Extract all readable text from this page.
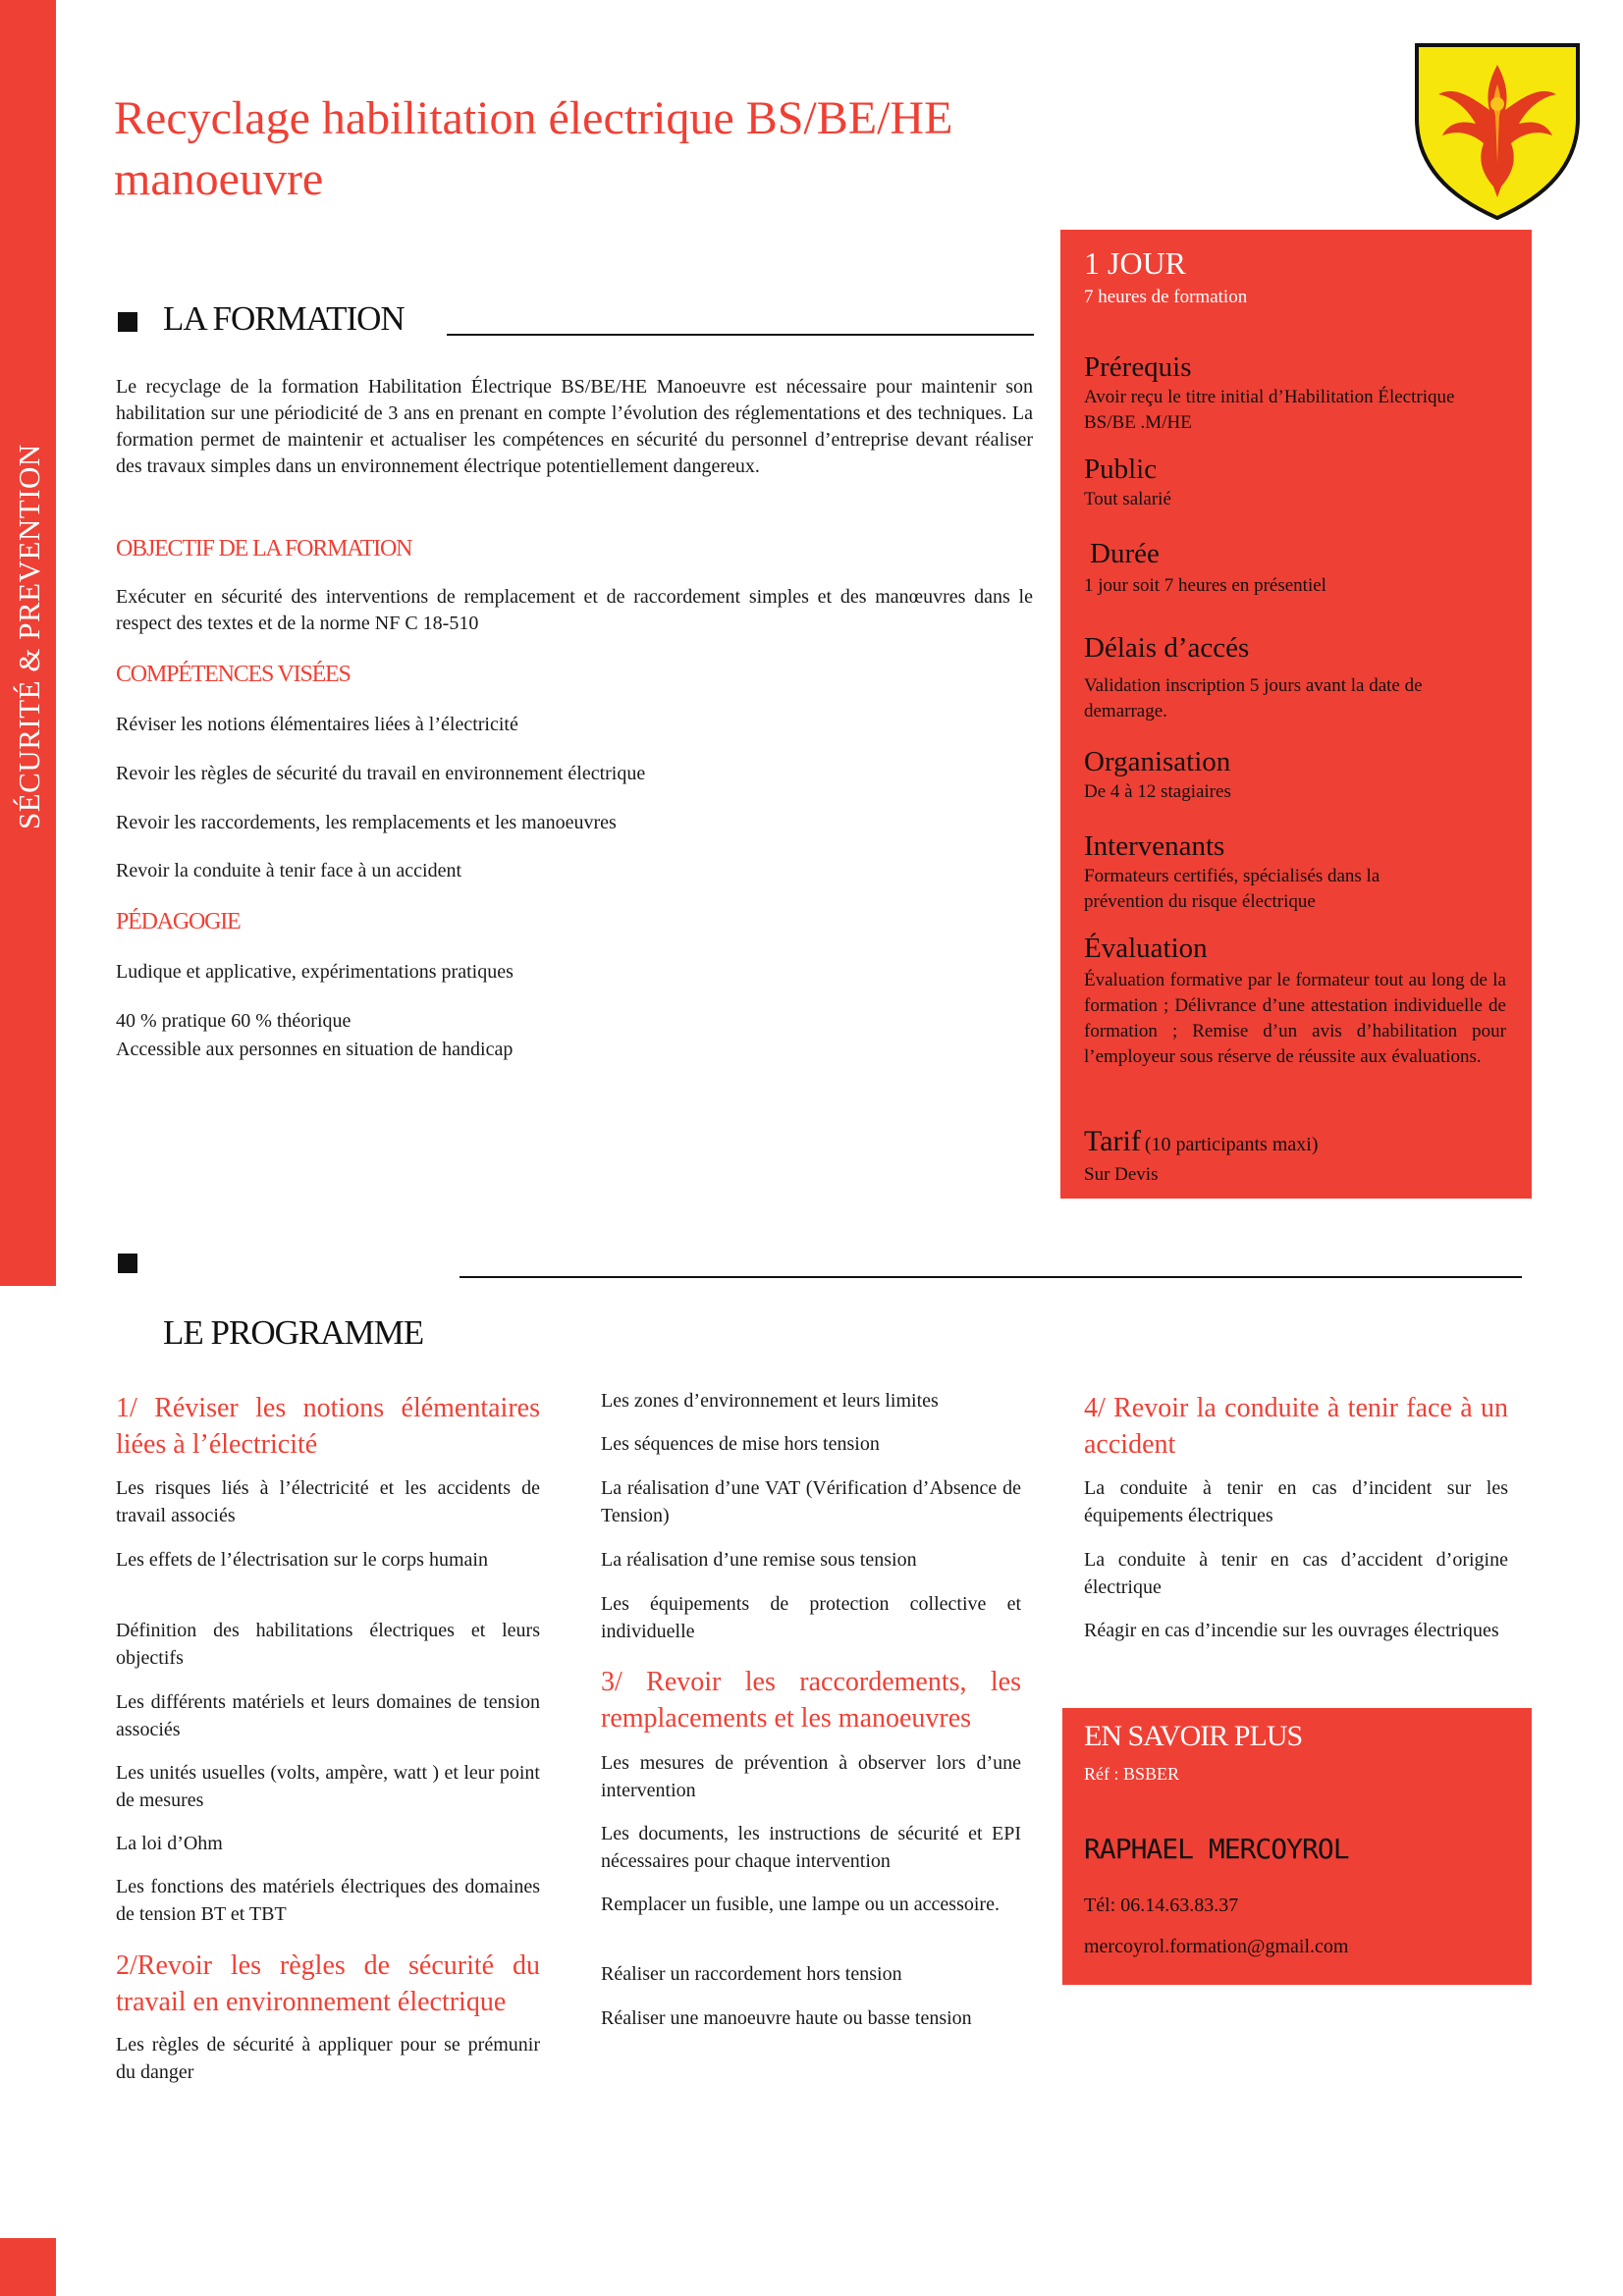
SÉCURITÉ & PREVENTION
Recyclage habilitation électrique BS/BE/HE manoeuvre
LA FORMATION
Le recyclage de la formation Habilitation Électrique BS/BE/HE Manoeuvre est nécessaire pour maintenir son habilitation sur une périodicité de 3 ans en prenant en compte l’évolution des réglementations et des techniques. La formation permet de maintenir et actualiser les compétences en sécurité du personnel d’entreprise devant réaliser des travaux simples dans un environnement électrique potentiellement dangereux.
OBJECTIF DE LA FORMATION
Exécuter en sécurité des interventions de remplacement et de raccordement simples et des manœuvres dans le respect des textes et de la norme NF C 18-510
COMPÉTENCES VISÉES
Réviser les notions élémentaires liées à l’électricité
Revoir les règles de sécurité du travail en environnement électrique
Revoir les raccordements, les remplacements et les manoeuvres
Revoir la conduite à tenir face à un accident
PÉDAGOGIE
Ludique et applicative, expérimentations pratiques
40 % pratique 60 % théorique
Accessible aux personnes en situation de handicap
1 JOUR
7 heures de formation
Prérequis
Avoir reçu le titre initial d’Habilitation Électrique BS/BE .M/HE
Public
Tout salarié
Durée
1 jour soit 7 heures en présentiel
Délais d’accés
Validation inscription 5 jours avant la date de demarrage.
Organisation
De 4 à 12 stagiaires
Intervenants
Formateurs certifiés, spécialisés dans la prévention du risque électrique
Évaluation
Évaluation formative par le formateur tout au long de la formation ; Délivrance d’une attestation individuelle de formation ; Remise d’un avis d’habilitation pour l’employeur sous réserve de réussite aux évaluations.
Tarif (10 participants maxi)
Sur Devis
LE PROGRAMME
1/ Réviser les notions élémentaires liées à l’électricité
Les risques liés à l’électricité et les accidents de travail associés
Les effets de l’électrisation sur le corps humain
Définition des habilitations électriques et leurs objectifs
Les différents matériels et leurs domaines de tension associés
Les unités usuelles (volts, ampère, watt ) et leur point de mesures
La loi d’Ohm
Les fonctions des matériels électriques des domaines de tension BT et TBT
2/Revoir les règles de sécurité du travail en environnement électrique
Les règles de sécurité à appliquer pour se prémunir du danger
Les zones d’environnement et leurs limites
Les séquences de mise hors tension
La réalisation d’une VAT (Vérification d’Absence de Tension)
La réalisation d’une remise sous tension
Les équipements de protection collective et individuelle
3/ Revoir les raccordements, les remplacements et les manoeuvres
Les mesures de prévention à observer lors d’une intervention
Les documents, les instructions de sécurité et EPI nécessaires pour chaque intervention
Remplacer un fusible, une lampe ou un accessoire.
Réaliser un raccordement hors tension
Réaliser une manoeuvre haute ou basse tension
4/ Revoir la conduite à tenir face à un accident
La conduite à tenir en cas d’incident sur les équipements électriques
La conduite à tenir en cas d’accident d’origine électrique
Réagir en cas d’incendie sur les ouvrages électriques
EN SAVOIR PLUS
Réf : BSBER
RAPHAEL MERCOYROL
Tél: 06.14.63.83.37
mercoyrol.formation@gmail.com
